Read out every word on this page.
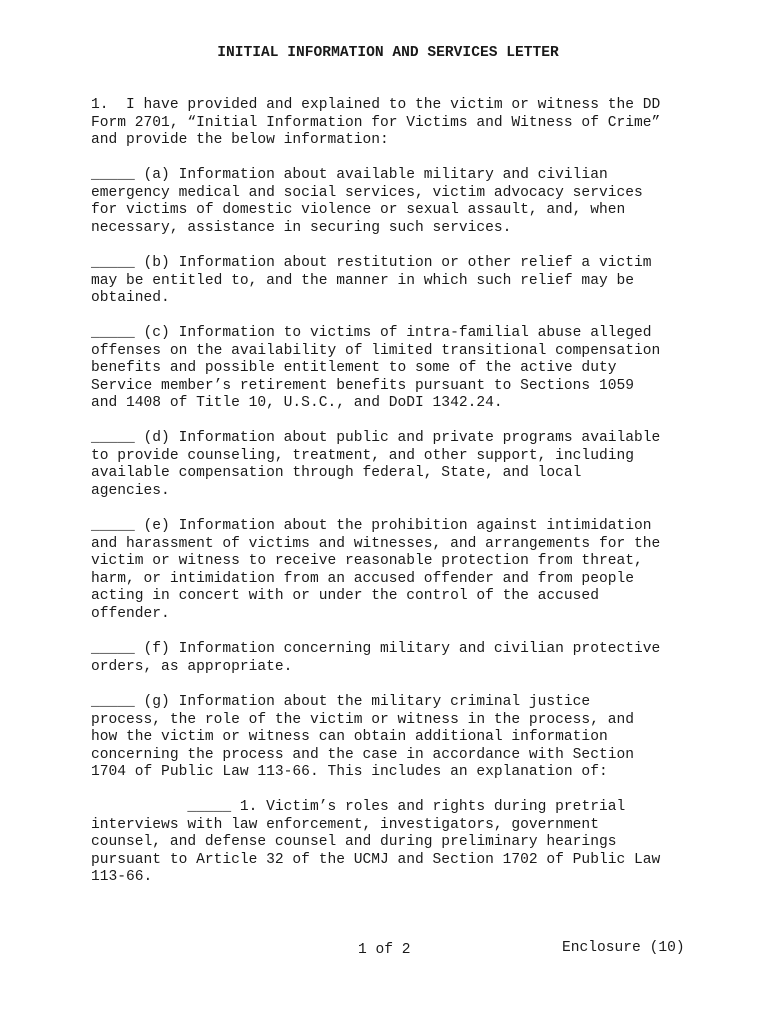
INITIAL INFORMATION AND SERVICES LETTER

1.  I have provided and explained to the victim or witness the DD
Form 2701, “Initial Information for Victims and Witness of Crime”
and provide the below information:

_____ (a) Information about available military and civilian
emergency medical and social services, victim advocacy services
for victims of domestic violence or sexual assault, and, when
necessary, assistance in securing such services.

_____ (b) Information about restitution or other relief a victim
may be entitled to, and the manner in which such relief may be
obtained.

_____ (c) Information to victims of intra-familial abuse alleged
offenses on the availability of limited transitional compensation
benefits and possible entitlement to some of the active duty
Service member’s retirement benefits pursuant to Sections 1059
and 1408 of Title 10, U.S.C., and DoDI 1342.24.

_____ (d) Information about public and private programs available
to provide counseling, treatment, and other support, including
available compensation through federal, State, and local
agencies.

_____ (e) Information about the prohibition against intimidation
and harassment of victims and witnesses, and arrangements for the
victim or witness to receive reasonable protection from threat,
harm, or intimidation from an accused offender and from people
acting in concert with or under the control of the accused
offender.

_____ (f) Information concerning military and civilian protective
orders, as appropriate.

_____ (g) Information about the military criminal justice
process, the role of the victim or witness in the process, and
how the victim or witness can obtain additional information
concerning the process and the case in accordance with Section
1704 of Public Law 113-66. This includes an explanation of:

_____ 1. Victim’s roles and rights during pretrial
interviews with law enforcement, investigators, government
counsel, and defense counsel and during preliminary hearings
pursuant to Article 32 of the UCMJ and Section 1702 of Public Law
113-66.

1 of 2	Enclosure (10)
